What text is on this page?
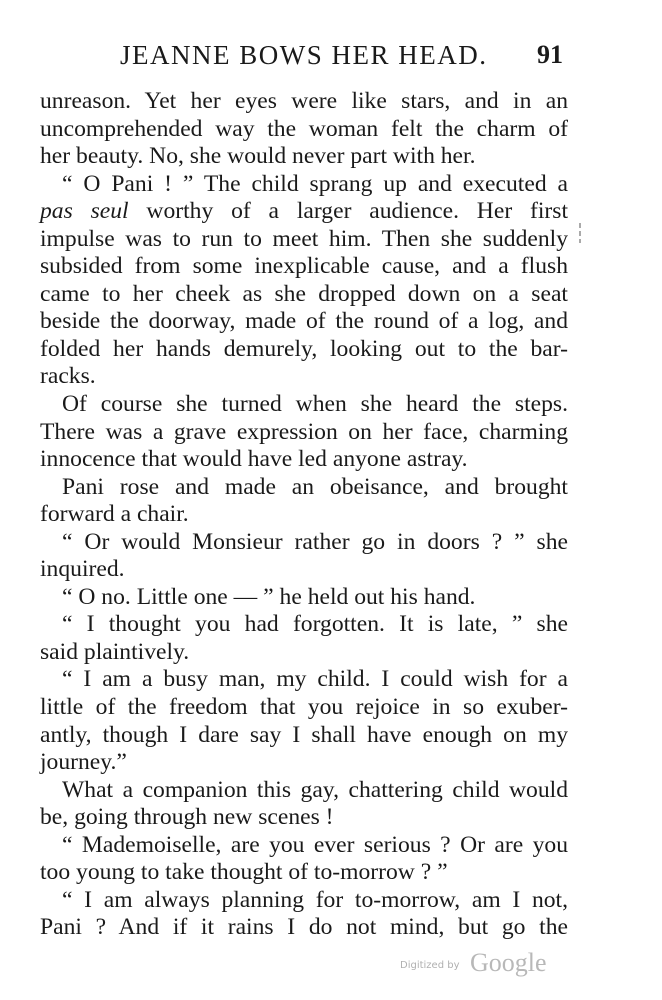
JEANNE BOWS HER HEAD. 91
unreason. Yet her eyes were like stars, and in an
uncomprehended way the woman felt the charm of
her beauty. No, she would never part with her.
“ O Pani ! ” The child sprang up and executed a
pas seul worthy of a larger audience. Her first
impulse was to run to meet him. Then she suddenly
subsided from some inexplicable cause, and a flush
came to her cheek as she dropped down on a seat
beside the doorway, made of the round of a log, and
folded her hands demurely, looking out to the bar-
racks.
Of course she turned when she heard the steps.
There was a grave expression on her face, charming
innocence that would have led anyone astray.
Pani rose and made an obeisance, and brought
forward a chair.
“ Or would Monsieur rather go in doors ? ” she
inquired.
“ O no. Little one — ” he held out his hand.
“ I thought you had forgotten. It is late, ” she
said plaintively.
“ I am a busy man, my child. I could wish for a
little of the freedom that you rejoice in so exuber-
antly, though I dare say I shall have enough on my
journey.”
What a companion this gay, chattering child would
be, going through new scenes !
“ Mademoiselle, are you ever serious ? Or are you
too young to take thought of to-morrow ? ”
“ I am always planning for to-morrow, am I not,
Pani ? And if it rains I do not mind, but go the
Digitized by Google
